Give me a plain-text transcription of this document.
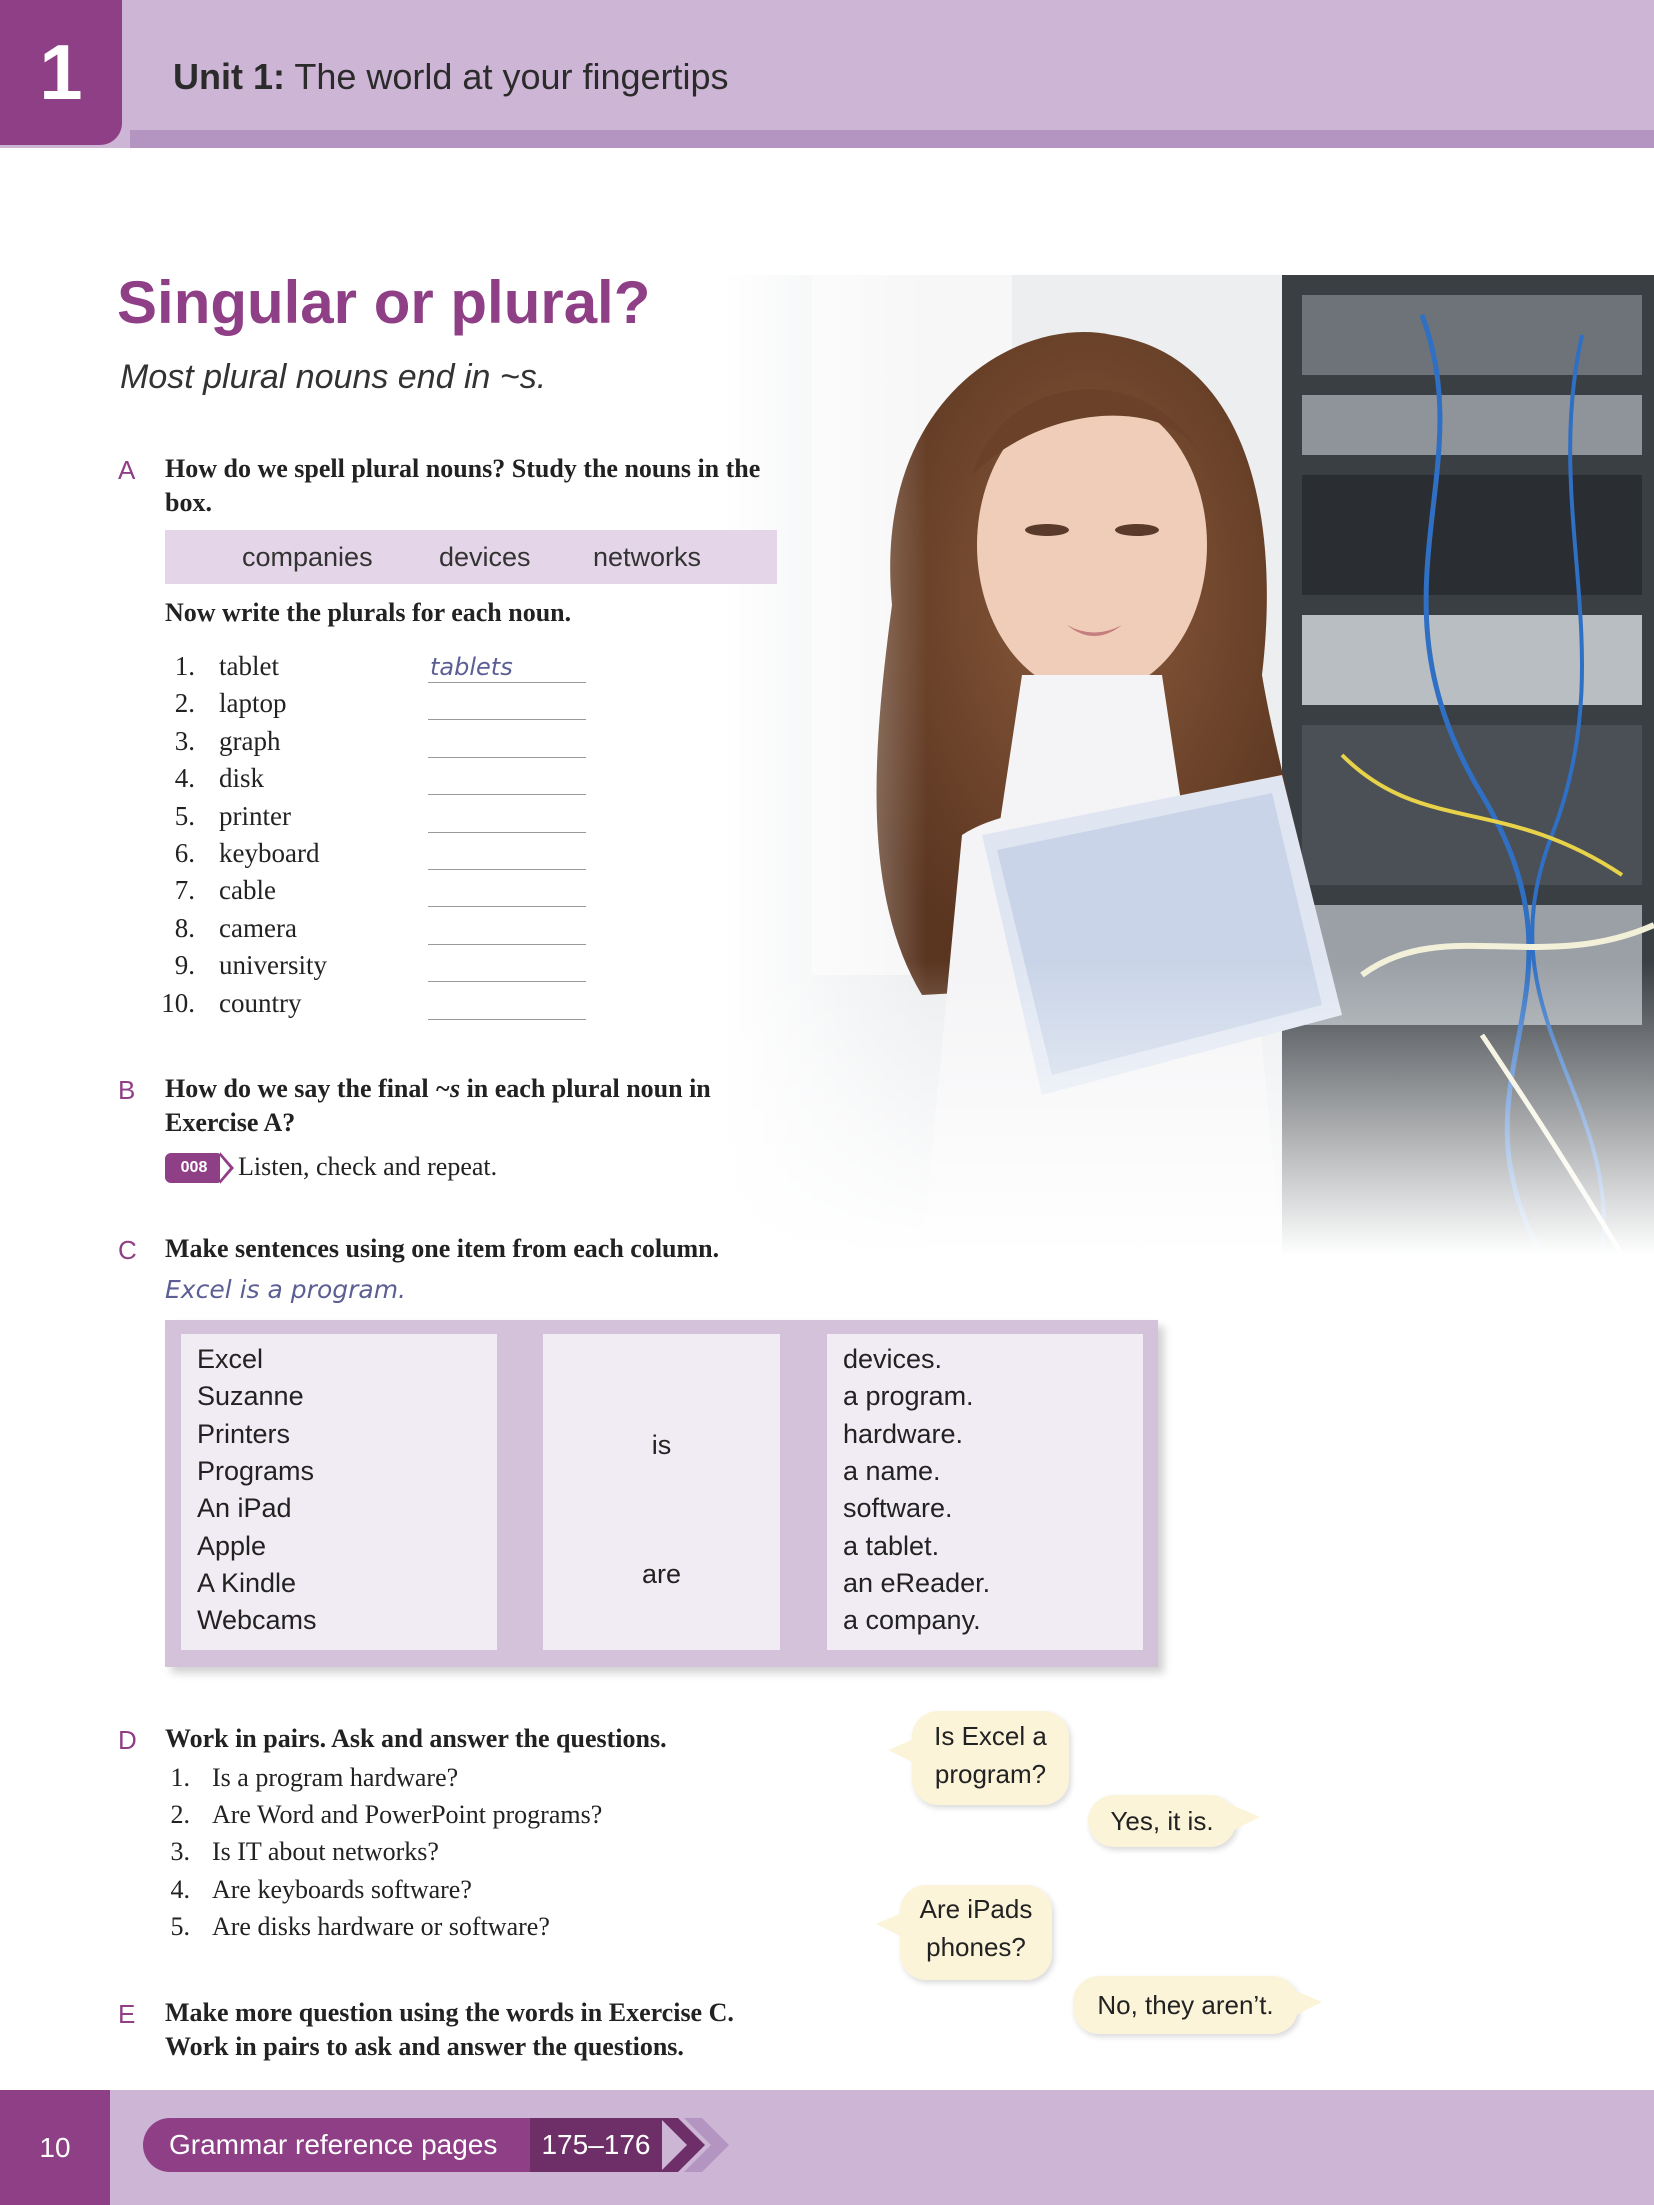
1	Unit 1: The world at your fingertips
Singular or plural?
Most plural nouns end in ~s.
A How do we spell plural nouns? Study the nouns in the box.
companies devices networks
Now write the plurals for each noun.
1. tablet	tablets
2. laptop
3. graph
4. disk
5. printer
6. keyboard
7. cable
8. camera
9. university
10. country
B How do we say the final ~s in each plural noun in Exercise A?
008 Listen, check and repeat.
C Make sentences using one item from each column.
Excel is a program.
Excel
Suzanne
Printers
Programs
An iPad
Apple
A Kindle
Webcams
is
are
devices.
a program.
hardware.
a name.
software.
a tablet.
an eReader.
a company.
D Work in pairs. Ask and answer the questions.
1. Is a program hardware?
2. Are Word and PowerPoint programs?
3. Is IT about networks?
4. Are keyboards software?
5. Are disks hardware or software?
Is Excel a
program?
Yes, it is.
Are iPads
phones?
No, they aren’t.
E Make more question using the words in Exercise C.
Work in pairs to ask and answer the questions.
10	Grammar reference pages	175–176
